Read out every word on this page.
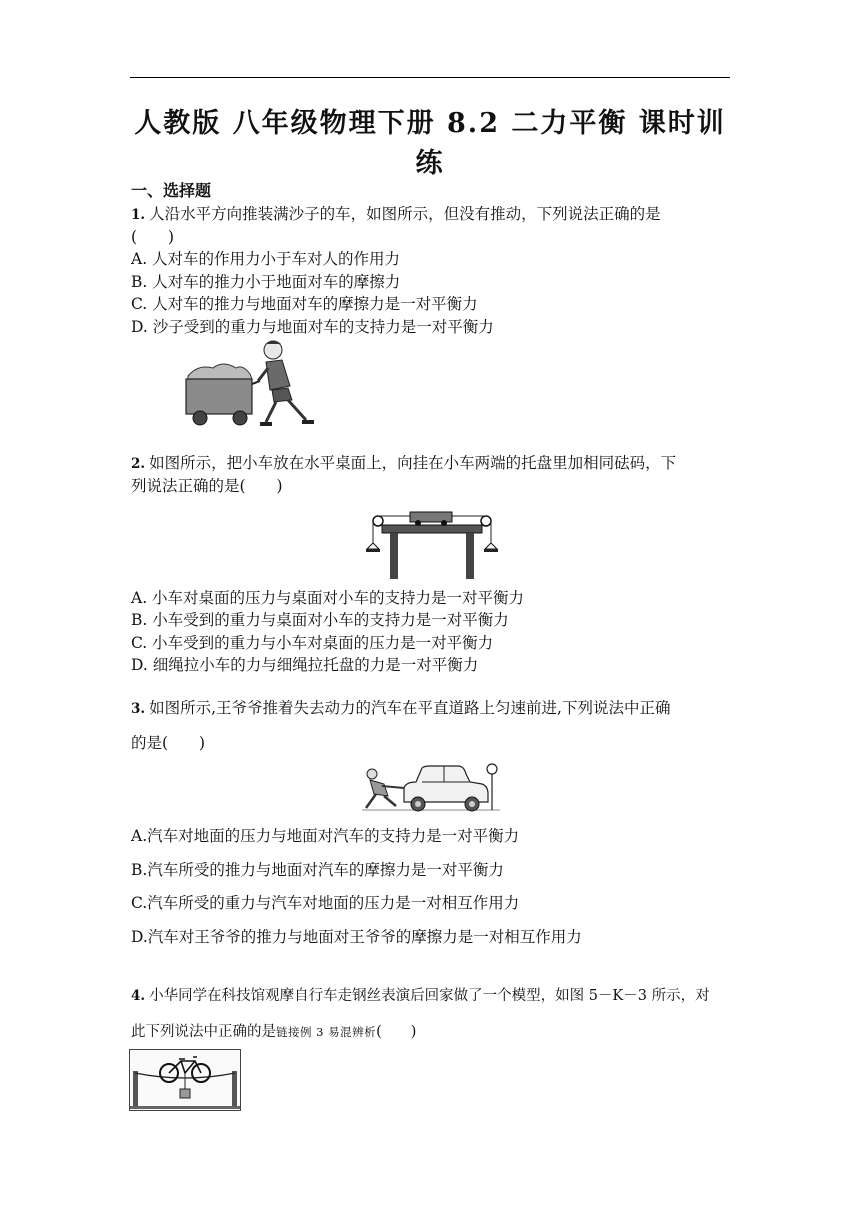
人教版 八年级物理下册 8.2 二力平衡 课时训练
一、选择题
1. 人沿水平方向推装满沙子的车，如图所示，但没有推动，下列说法正确的是
(　　)
A. 人对车的作用力小于车对人的作用力
B. 人对车的推力小于地面对车的摩擦力
C. 人对车的推力与地面对车的摩擦力是一对平衡力
D. 沙子受到的重力与地面对车的支持力是一对平衡力
2. 如图所示，把小车放在水平桌面上，向挂在小车两端的托盘里加相同砝码，下
列说法正确的是(　　)
A. 小车对桌面的压力与桌面对小车的支持力是一对平衡力
B. 小车受到的重力与桌面对小车的支持力是一对平衡力
C. 小车受到的重力与小车对桌面的压力是一对平衡力
D. 细绳拉小车的力与细绳拉托盘的力是一对平衡力
3. 如图所示,王爷爷推着失去动力的汽车在平直道路上匀速前进,下列说法中正确
的是(　　)
A.汽车对地面的压力与地面对汽车的支持力是一对平衡力
B.汽车所受的推力与地面对汽车的摩擦力是一对平衡力
C.汽车所受的重力与汽车对地面的压力是一对相互作用力
D.汽车对王爷爷的推力与地面对王爷爷的摩擦力是一对相互作用力
4. 小华同学在科技馆观摩自行车走钢丝表演后回家做了一个模型，如图 5－K－3 所示，对
此下列说法中正确的是链接例 3 易混辨析(　　)
